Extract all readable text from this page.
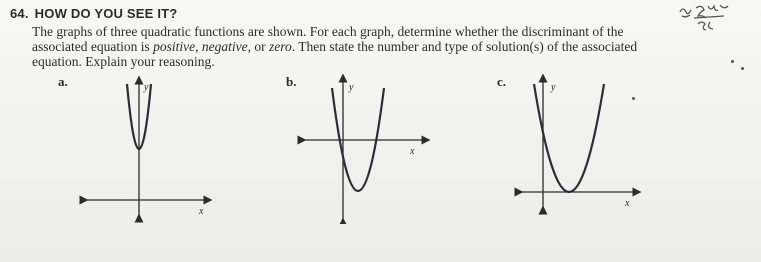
64. HOW DO YOU SEE IT?
The graphs of three quadratic functions are shown. For each graph, determine whether the discriminant of the associated equation is positive, negative, or zero. Then state the number and type of solution(s) of the associated equation. Explain your reasoning.
a.	y
x
b.	y
x
c.	y
x
